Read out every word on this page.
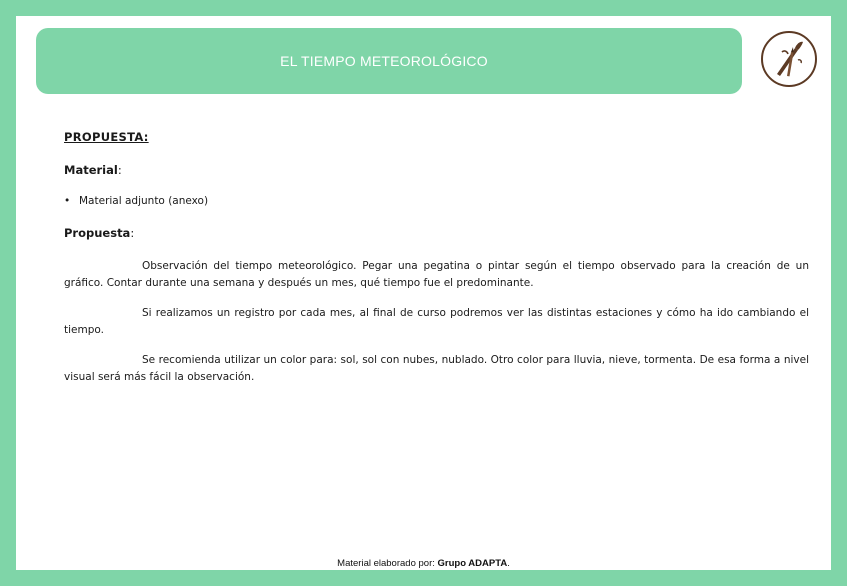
EL TIEMPO METEOROLÓGICO
PROPUESTA:
Material:
• Material adjunto (anexo)
Propuesta:

Observación del tiempo meteorológico. Pegar una pegatina o pintar según el tiempo observado para la creación de un gráfico. Contar durante una semana y después un mes, qué tiempo fue el predominante.

Si realizamos un registro por cada mes, al final de curso podremos ver las distintas estaciones y cómo ha ido cambiando el tiempo.

Se recomienda utilizar un color para: sol, sol con nubes, nublado. Otro color para lluvia, nieve, tormenta. De esa forma a nivel visual será más fácil la observación.

Material elaborado por: Grupo ADAPTA.
